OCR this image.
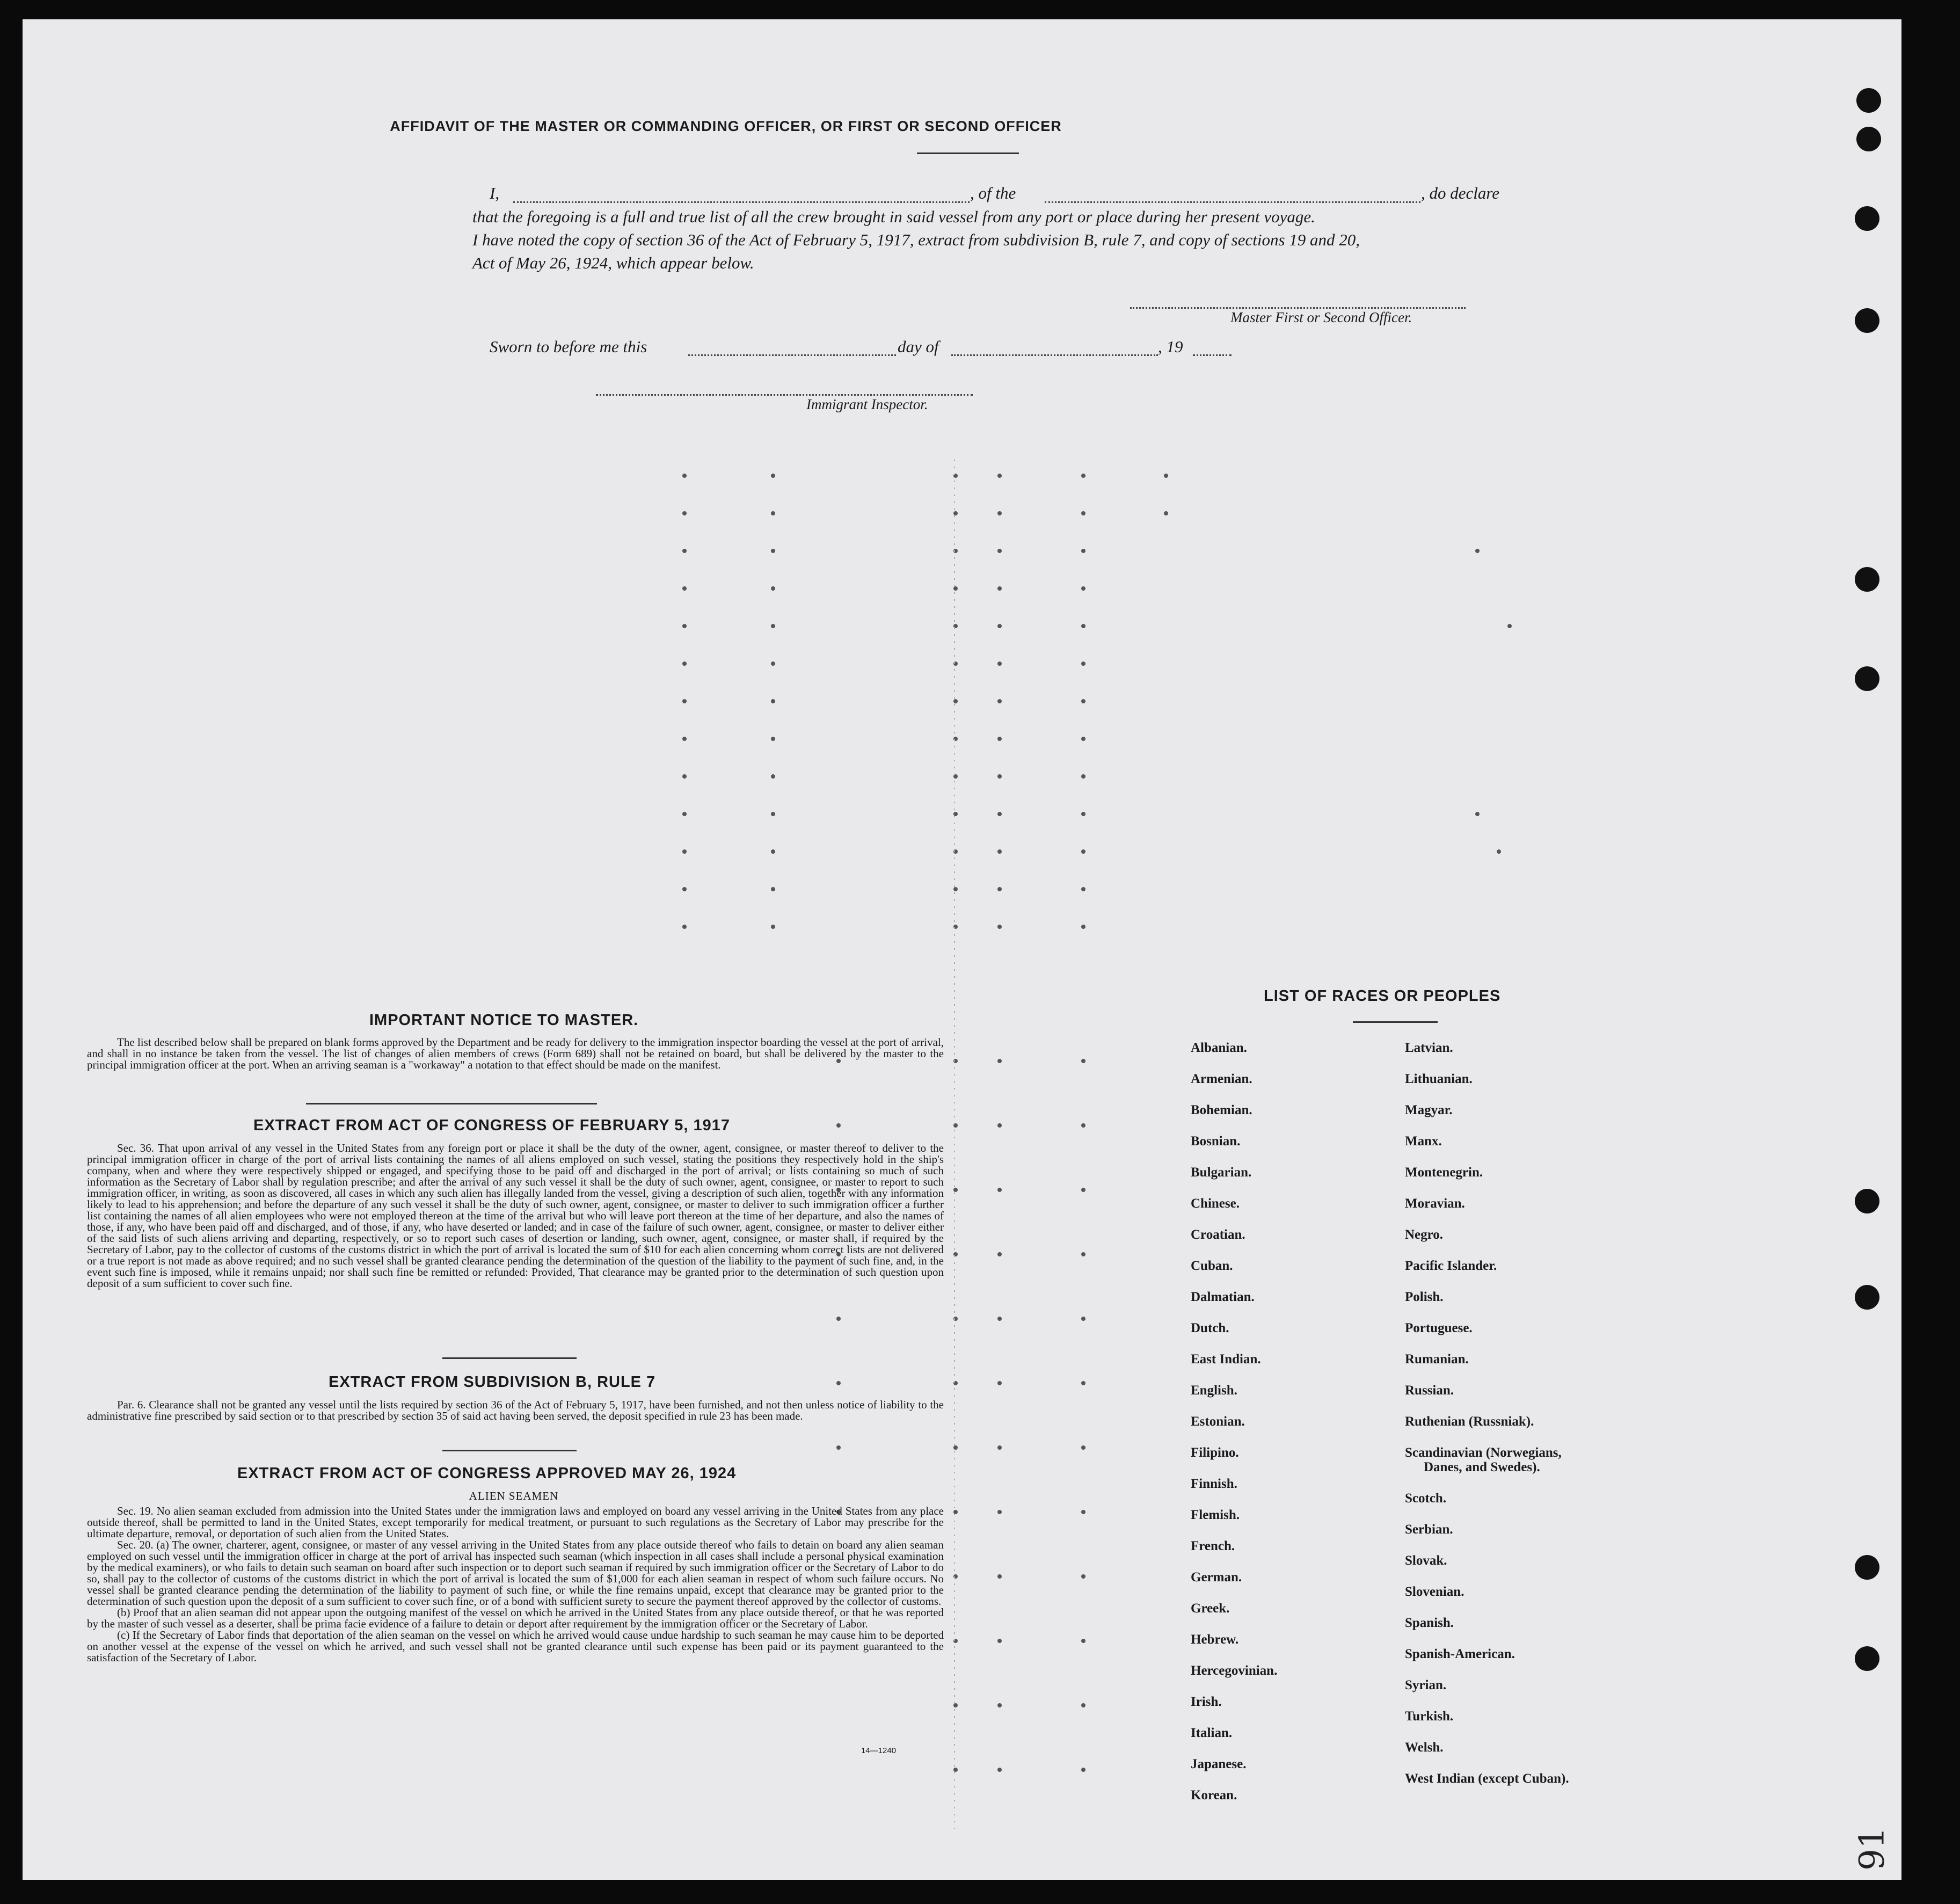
AFFIDAVIT OF THE MASTER OR COMMANDING OFFICER, OR FIRST OR SECOND OFFICER
I,	, of the	, do declare
that the foregoing is a full and true list of all the crew brought in said vessel from any port or place during her present voyage.
I have noted the copy of section 36 of the Act of February 5, 1917, extract from subdivision B, rule 7, and copy of sections 19 and 20,
Act of May 26, 1924, which appear below.
Master First or Second Officer.
Sworn to before me this	day of	, 19
Immigrant Inspector.
IMPORTANT NOTICE TO MASTER.
The list described below shall be prepared on blank forms approved by the Department and be ready for delivery to the immigration inspector boarding the vessel at the port of arrival, and shall in no instance be taken from the vessel. The list of changes of alien members of crews (Form 689) shall not be retained on board, but shall be delivered by the master to the principal immigration officer at the port. When an arriving seaman is a "workaway" a notation to that effect should be made on the manifest.
EXTRACT FROM ACT OF CONGRESS OF FEBRUARY 5, 1917
Sec. 36. That upon arrival of any vessel in the United States from any foreign port or place it shall be the duty of the owner, agent, consignee, or master thereof to deliver to the principal immigration officer in charge of the port of arrival lists containing the names of all aliens employed on such vessel, stating the positions they respectively hold in the ship's company, when and where they were respectively shipped or engaged, and specifying those to be paid off and discharged in the port of arrival; or lists containing so much of such information as the Secretary of Labor shall by regulation prescribe; and after the arrival of any such vessel it shall be the duty of such owner, agent, consignee, or master to report to such immigration officer, in writing, as soon as discovered, all cases in which any such alien has illegally landed from the vessel, giving a description of such alien, together with any information likely to lead to his apprehension; and before the departure of any such vessel it shall be the duty of such owner, agent, consignee, or master to deliver to such immigration officer a further list containing the names of all alien employees who were not employed thereon at the time of the arrival but who will leave port thereon at the time of her departure, and also the names of those, if any, who have been paid off and discharged, and of those, if any, who have deserted or landed; and in case of the failure of such owner, agent, consignee, or master to deliver either of the said lists of such aliens arriving and departing, respectively, or so to report such cases of desertion or landing, such owner, agent, consignee, or master shall, if required by the Secretary of Labor, pay to the collector of customs of the customs district in which the port of arrival is located the sum of $10 for each alien concerning whom correct lists are not delivered or a true report is not made as above required; and no such vessel shall be granted clearance pending the determination of the question of the liability to the payment of such fine, and, in the event such fine is imposed, while it remains unpaid; nor shall such fine be remitted or refunded: Provided, That clearance may be granted prior to the determination of such question upon deposit of a sum sufficient to cover such fine.
EXTRACT FROM SUBDIVISION B, RULE 7
Par. 6. Clearance shall not be granted any vessel until the lists required by section 36 of the Act of February 5, 1917, have been furnished, and not then unless notice of liability to the administrative fine prescribed by said section or to that prescribed by section 35 of said act having been served, the deposit specified in rule 23 has been made.
EXTRACT FROM ACT OF CONGRESS APPROVED MAY 26, 1924
ALIEN SEAMEN

Sec. 19. No alien seaman excluded from admission into the United States under the immigration laws and employed on board any vessel arriving in the United States from any place outside thereof, shall be permitted to land in the United States, except temporarily for medical treatment, or pursuant to such regulations as the Secretary of Labor may prescribe for the ultimate departure, removal, or deportation of such alien from the United States.

Sec. 20. (a) The owner, charterer, agent, consignee, or master of any vessel arriving in the United States from any place outside thereof who fails to detain on board any alien seaman employed on such vessel until the immigration officer in charge at the port of arrival has inspected such seaman (which inspection in all cases shall include a personal physical examination by the medical examiners), or who fails to detain such seaman on board after such inspection or to deport such seaman if required by such immigration officer or the Secretary of Labor to do so, shall pay to the collector of customs of the customs district in which the port of arrival is located the sum of $1,000 for each alien seaman in respect of whom such failure occurs. No vessel shall be granted clearance pending the determination of the liability to payment of such fine, or while the fine remains unpaid, except that clearance may be granted prior to the determination of such question upon the deposit of a sum sufficient to cover such fine, or of a bond with sufficient surety to secure the payment thereof approved by the collector of customs.

(b) Proof that an alien seaman did not appear upon the outgoing manifest of the vessel on which he arrived in the United States from any place outside thereof, or that he was reported by the master of such vessel as a deserter, shall be prima facie evidence of a failure to detain or deport after requirement by the immigration officer or the Secretary of Labor.

(c) If the Secretary of Labor finds that deportation of the alien seaman on the vessel on which he arrived would cause undue hardship to such seaman he may cause him to be deported on another vessel at the expense of the vessel on which he arrived, and such vessel shall not be granted clearance until such expense has been paid or its payment guaranteed to the satisfaction of the Secretary of Labor.

14—1240
LIST OF RACES OR PEOPLES
Albanian.
Armenian.
Bohemian.
Bosnian.
Bulgarian.
Chinese.
Croatian.
Cuban.
Dalmatian.
Dutch.
East Indian.
English.
Estonian.
Filipino.
Finnish.
Flemish.
French.
German.
Greek.
Hebrew.
Hercegovinian.
Irish.
Italian.
Japanese.
Korean.
Latvian.
Lithuanian.
Magyar.
Manx.
Montenegrin.
Moravian.
Negro.
Pacific Islander.
Polish.
Portuguese.
Rumanian.
Russian.
Ruthenian (Russniak).
Scandinavian (Norwegians,
Danes, and Swedes).
Scotch.
Serbian.
Slovak.
Slovenian.
Spanish.
Spanish-American.
Syrian.
Turkish.
Welsh.
West Indian (except Cuban).
91
